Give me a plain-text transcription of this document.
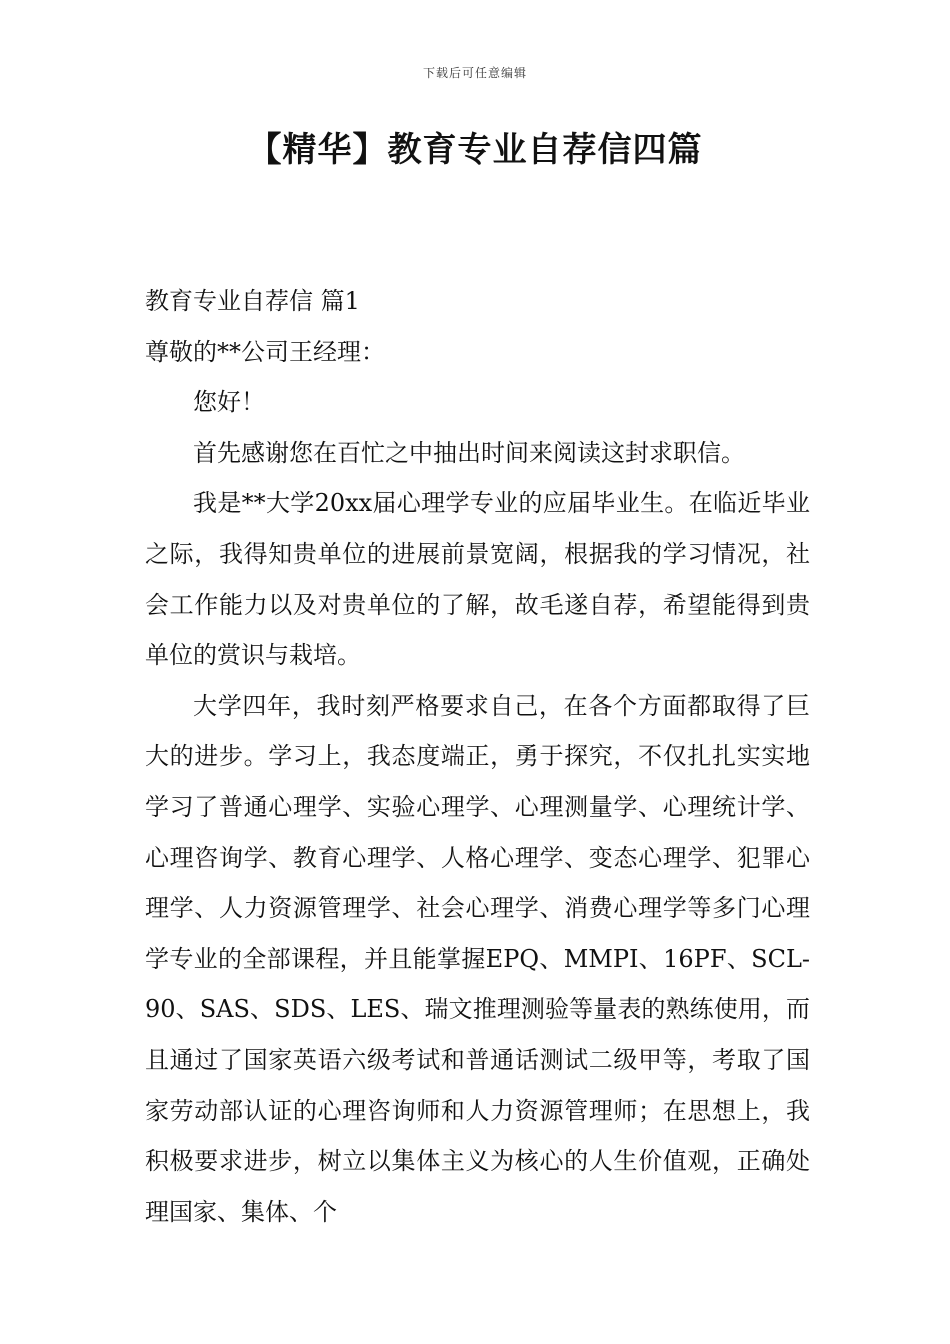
下载后可任意编辑
【精华】教育专业自荐信四篇

教育专业自荐信 篇1

尊敬的**公司王经理：

您好！

首先感谢您在百忙之中抽出时间来阅读这封求职信。

我是**大学20xx届心理学专业的应届毕业生。在临近毕业之际，我得知贵单位的进展前景宽阔，根据我的学习情况，社会工作能力以及对贵单位的了解，故毛遂自荐，希望能得到贵单位的赏识与栽培。

大学四年，我时刻严格要求自己，在各个方面都取得了巨大的进步。学习上，我态度端正，勇于探究，不仅扎扎实实地学习了普通心理学、实验心理学、心理测量学、心理统计学、心理咨询学、教育心理学、人格心理学、变态心理学、犯罪心理学、人力资源管理学、社会心理学、消费心理学等多门心理学专业的全部课程，并且能掌握EPQ、MMPI、16PF、SCL-90、SAS、SDS、LES、瑞文推理测验等量表的熟练使用，而且通过了国家英语六级考试和普通话测试二级甲等，考取了国家劳动部认证的心理咨询师和人力资源管理师；在思想上，我积极要求进步，树立以集体主义为核心的人生价值观，正确处理国家、集体、个
